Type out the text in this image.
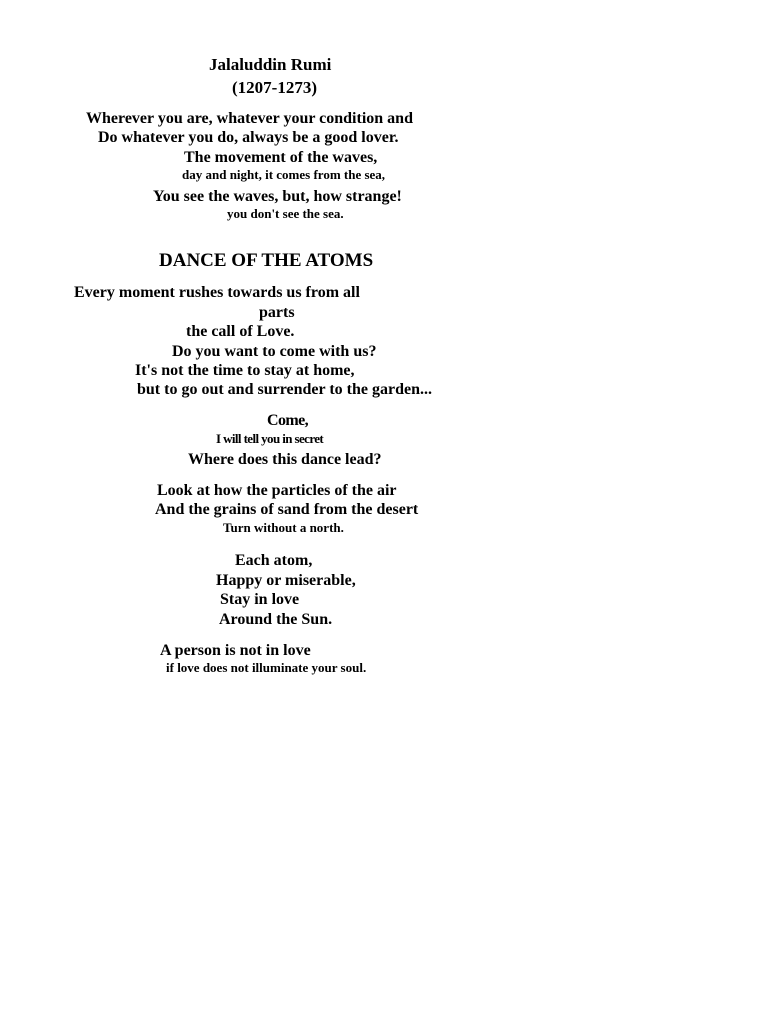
Jalaluddin Rumi
(1207-1273)
Wherever you are, whatever your condition and
Do whatever you do, always be a good lover.
The movement of the waves,
day and night, it comes from the sea,
You see the waves, but, how strange!
you don't see the sea.
DANCE OF THE ATOMS
Every moment rushes towards us from all
parts
the call of Love.
Do you want to come with us?
It's not the time to stay at home,
but to go out and surrender to the garden...
Come,
I will tell you in secret
Where does this dance lead?
Look at how the particles of the air
And the grains of sand from the desert
Turn without a north.
Each atom,
Happy or miserable,
Stay in love
Around the Sun.
A person is not in love
if love does not illuminate your soul.
